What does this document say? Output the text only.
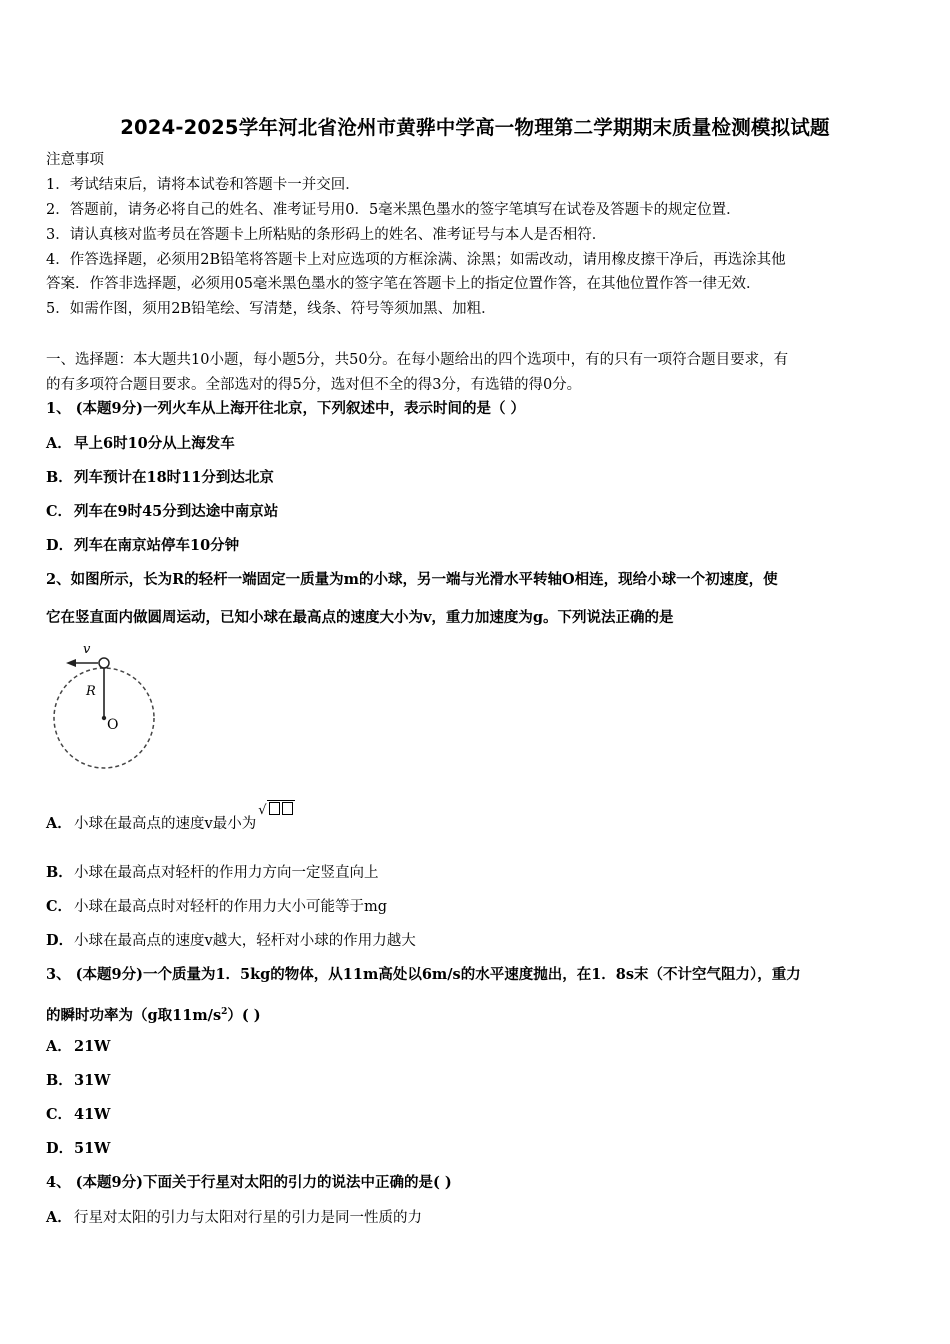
2024-2025学年河北省沧州市黄骅中学高一物理第二学期期末质量检测模拟试题
注意事项
1．考试结束后，请将本试卷和答题卡一并交回．
2．答题前，请务必将自己的姓名、准考证号用0．5毫米黑色墨水的签字笔填写在试卷及答题卡的规定位置．
3．请认真核对监考员在答题卡上所粘贴的条形码上的姓名、准考证号与本人是否相符．
4．作答选择题，必须用2B铅笔将答题卡上对应选项的方框涂满、涂黑；如需改动，请用橡皮擦干净后，再选涂其他
答案．作答非选择题，必须用05毫米黑色墨水的签字笔在答题卡上的指定位置作答，在其他位置作答一律无效．
5．如需作图，须用2B铅笔绘、写清楚，线条、符号等须加黑、加粗．
一、选择题：本大题共10小题，每小题5分，共50分。在每小题给出的四个选项中，有的只有一项符合题目要求，有
的有多项符合题目要求。全部选对的得5分，选对但不全的得3分，有选错的得0分。
1、 (本题9分)一列火车从上海开往北京，下列叙述中，表示时间的是（ ）
A． 早上6时10分从上海发车
B．列车预计在18时11分到达北京
C． 列车在9时45分到达途中南京站
D．列车在南京站停车10分钟
2、如图所示，长为R的轻杆一端固定一质量为m的小球，另一端与光滑水平转轴O相连，现给小球一个初速度，使
它在竖直面内做圆周运动，已知小球在最高点的速度大小为v，重力加速度为g。下列说法正确的是
v
R
O
A． 小球在最高点的速度v最小为√
B．小球在最高点对轻杆的作用力方向一定竖直向上
C． 小球在最高点时对轻杆的作用力大小可能等于mg
D．小球在最高点的速度v越大，轻杆对小球的作用力越大
3、 (本题9分)一个质量为1．5kg的物体，从11m高处以6m/s的水平速度抛出，在1．8s末（不计空气阻力），重力
的瞬时功率为（g取$11m/s^2$）( )
A． 21W
B．31W
C． 41W
D．51W
4、 (本题9分)下面关于行星对太阳的引力的说法中正确的是( )
A． 行星对太阳的引力与太阳对行星的引力是同一性质的力
